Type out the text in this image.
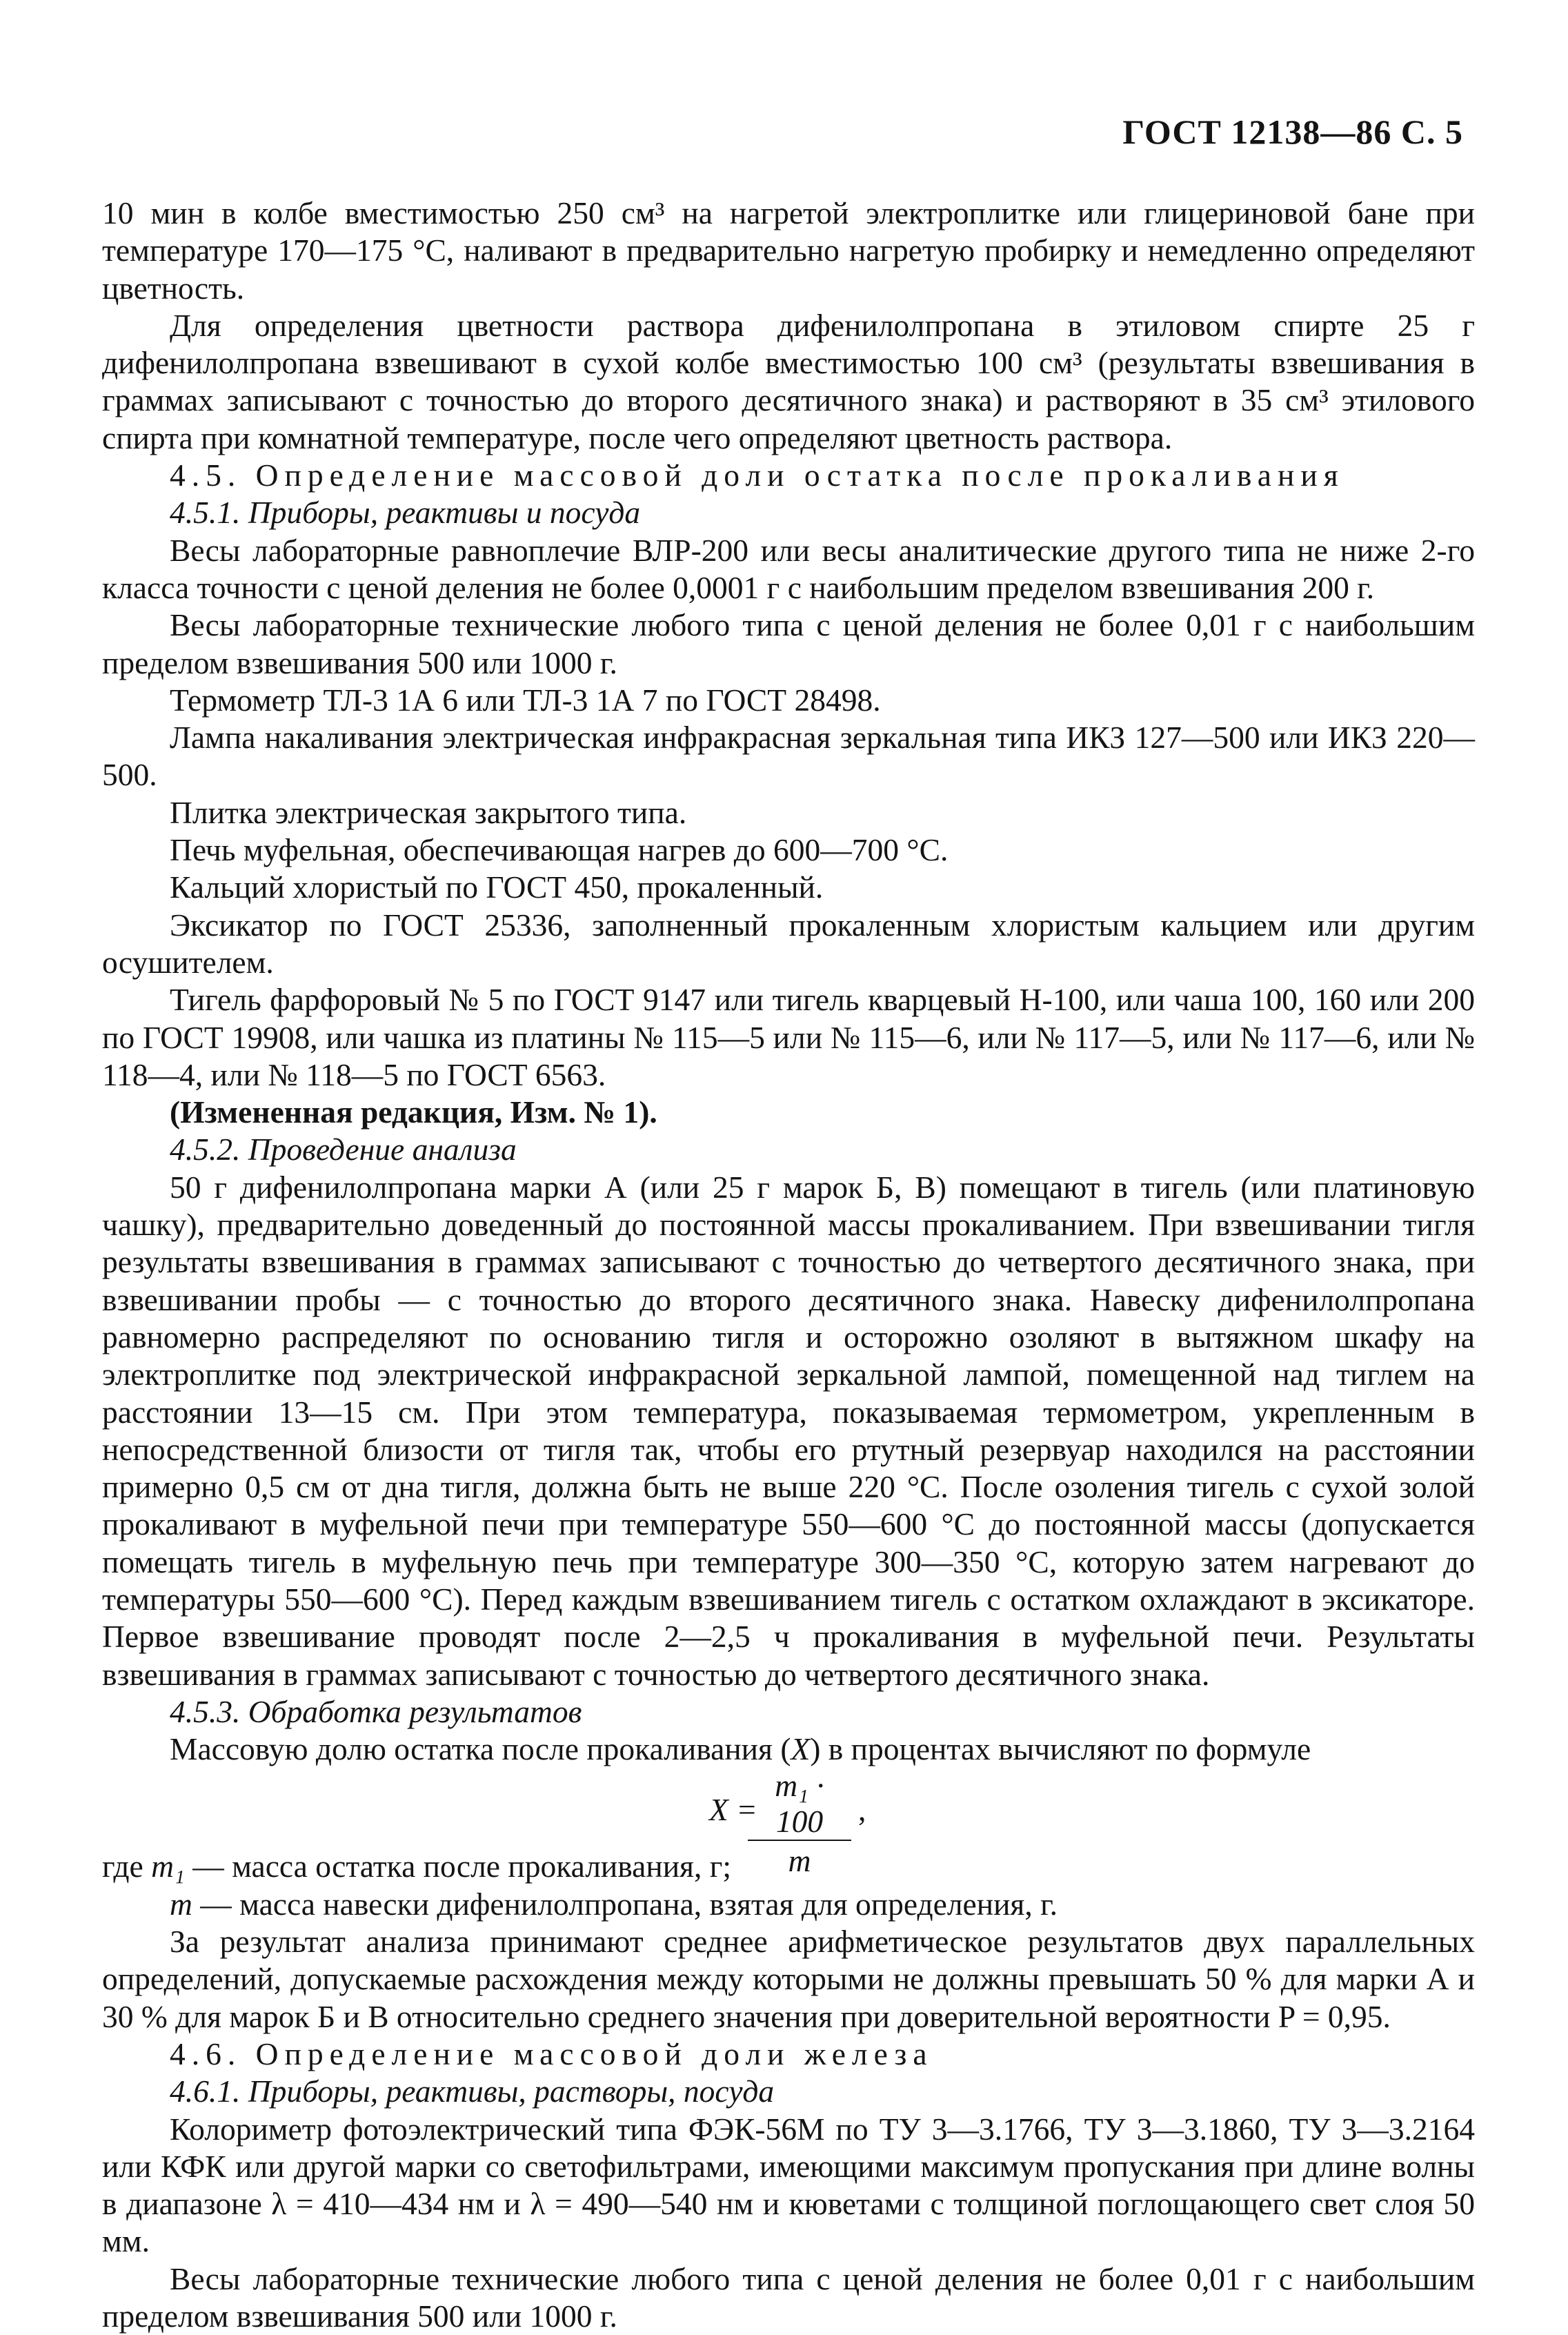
ГОСТ 12138—86 С. 5

10 мин в колбе вместимостью 250 см³ на нагретой электроплитке или глицериновой бане при температуре 170—175 °С, наливают в предварительно нагретую пробирку и немедленно определяют цветность.

Для определения цветности раствора дифенилолпропана в этиловом спирте 25 г дифенилолпропана взвешивают в сухой колбе вместимостью 100 см³ (результаты взвешивания в граммах записывают с точностью до второго десятичного знака) и растворяют в 35 см³ этилового спирта при комнатной температуре, после чего определяют цветность раствора.

4.5. Определение массовой доли остатка после прокаливания

4.5.1. Приборы, реактивы и посуда

Весы лабораторные равноплечие ВЛР-200 или весы аналитические другого типа не ниже 2-го класса точности с ценой деления не более 0,0001 г с наибольшим пределом взвешивания 200 г.

Весы лабораторные технические любого типа с ценой деления не более 0,01 г с наибольшим пределом взвешивания 500 или 1000 г.

Термометр ТЛ-3 1А 6 или ТЛ-3 1А 7 по ГОСТ 28498.

Лампа накаливания электрическая инфракрасная зеркальная типа ИКЗ 127—500 или ИКЗ 220—500.

Плитка электрическая закрытого типа.

Печь муфельная, обеспечивающая нагрев до 600—700 °С.

Кальций хлористый по ГОСТ 450, прокаленный.

Эксикатор по ГОСТ 25336, заполненный прокаленным хлористым кальцием или другим осушителем.

Тигель фарфоровый № 5 по ГОСТ 9147 или тигель кварцевый Н-100, или чаша 100, 160 или 200 по ГОСТ 19908, или чашка из платины № 115—5 или № 115—6, или № 117—5, или № 117—6, или № 118—4, или № 118—5 по ГОСТ 6563.

(Измененная редакция, Изм. № 1).

4.5.2. Проведение анализа

50 г дифенилолпропана марки А (или 25 г марок Б, В) помещают в тигель (или платиновую чашку), предварительно доведенный до постоянной массы прокаливанием. При взвешивании тигля результаты взвешивания в граммах записывают с точностью до четвертого десятичного знака, при взвешивании пробы — с точностью до второго десятичного знака. Навеску дифенилолпропана равномерно распределяют по основанию тигля и осторожно озоляют в вытяжном шкафу на электроплитке под электрической инфракрасной зеркальной лампой, помещенной над тиглем на расстоянии 13—15 см. При этом температура, показываемая термометром, укрепленным в непосредственной близости от тигля так, чтобы его ртутный резервуар находился на расстоянии примерно 0,5 см от дна тигля, должна быть не выше 220 °С. После озоления тигель с сухой золой прокаливают в муфельной печи при температуре 550—600 °С до постоянной массы (допускается помещать тигель в муфельную печь при температуре 300—350 °С, которую затем нагревают до температуры 550—600 °С). Перед каждым взвешиванием тигель с остатком охлаждают в эксикаторе. Первое взвешивание проводят после 2—2,5 ч прокаливания в муфельной печи. Результаты взвешивания в граммах записывают с точностью до четвертого десятичного знака.

4.5.3. Обработка результатов

Массовую долю остатка после прокаливания (X) в процентах вычисляют по формуле

X =
$\frac{\text{m₁ · 100}}{m}$ ,

где m₁ — масса остатка после прокаливания, г;

m — масса навески дифенилолпропана, взятая для определения, г.

За результат анализа принимают среднее арифметическое результатов двух параллельных определений, допускаемые расхождения между которыми не должны превышать 50 % для марки А и 30 % для марок Б и В относительно среднего значения при доверительной вероятности P = 0,95.

4.6. Определение массовой доли железа

4.6.1. Приборы, реактивы, растворы, посуда

Колориметр фотоэлектрический типа ФЭК-56М по ТУ 3—3.1766, ТУ 3—3.1860, ТУ 3—3.2164 или КФК или другой марки со светофильтрами, имеющими максимум пропускания при длине волны в диапазоне λ = 410—434 нм и λ = 490—540 нм и кюветами с толщиной поглощающего свет слоя 50 мм.

Весы лабораторные технические любого типа с ценой деления не более 0,01 г с наибольшим пределом взвешивания 500 или 1000 г.
